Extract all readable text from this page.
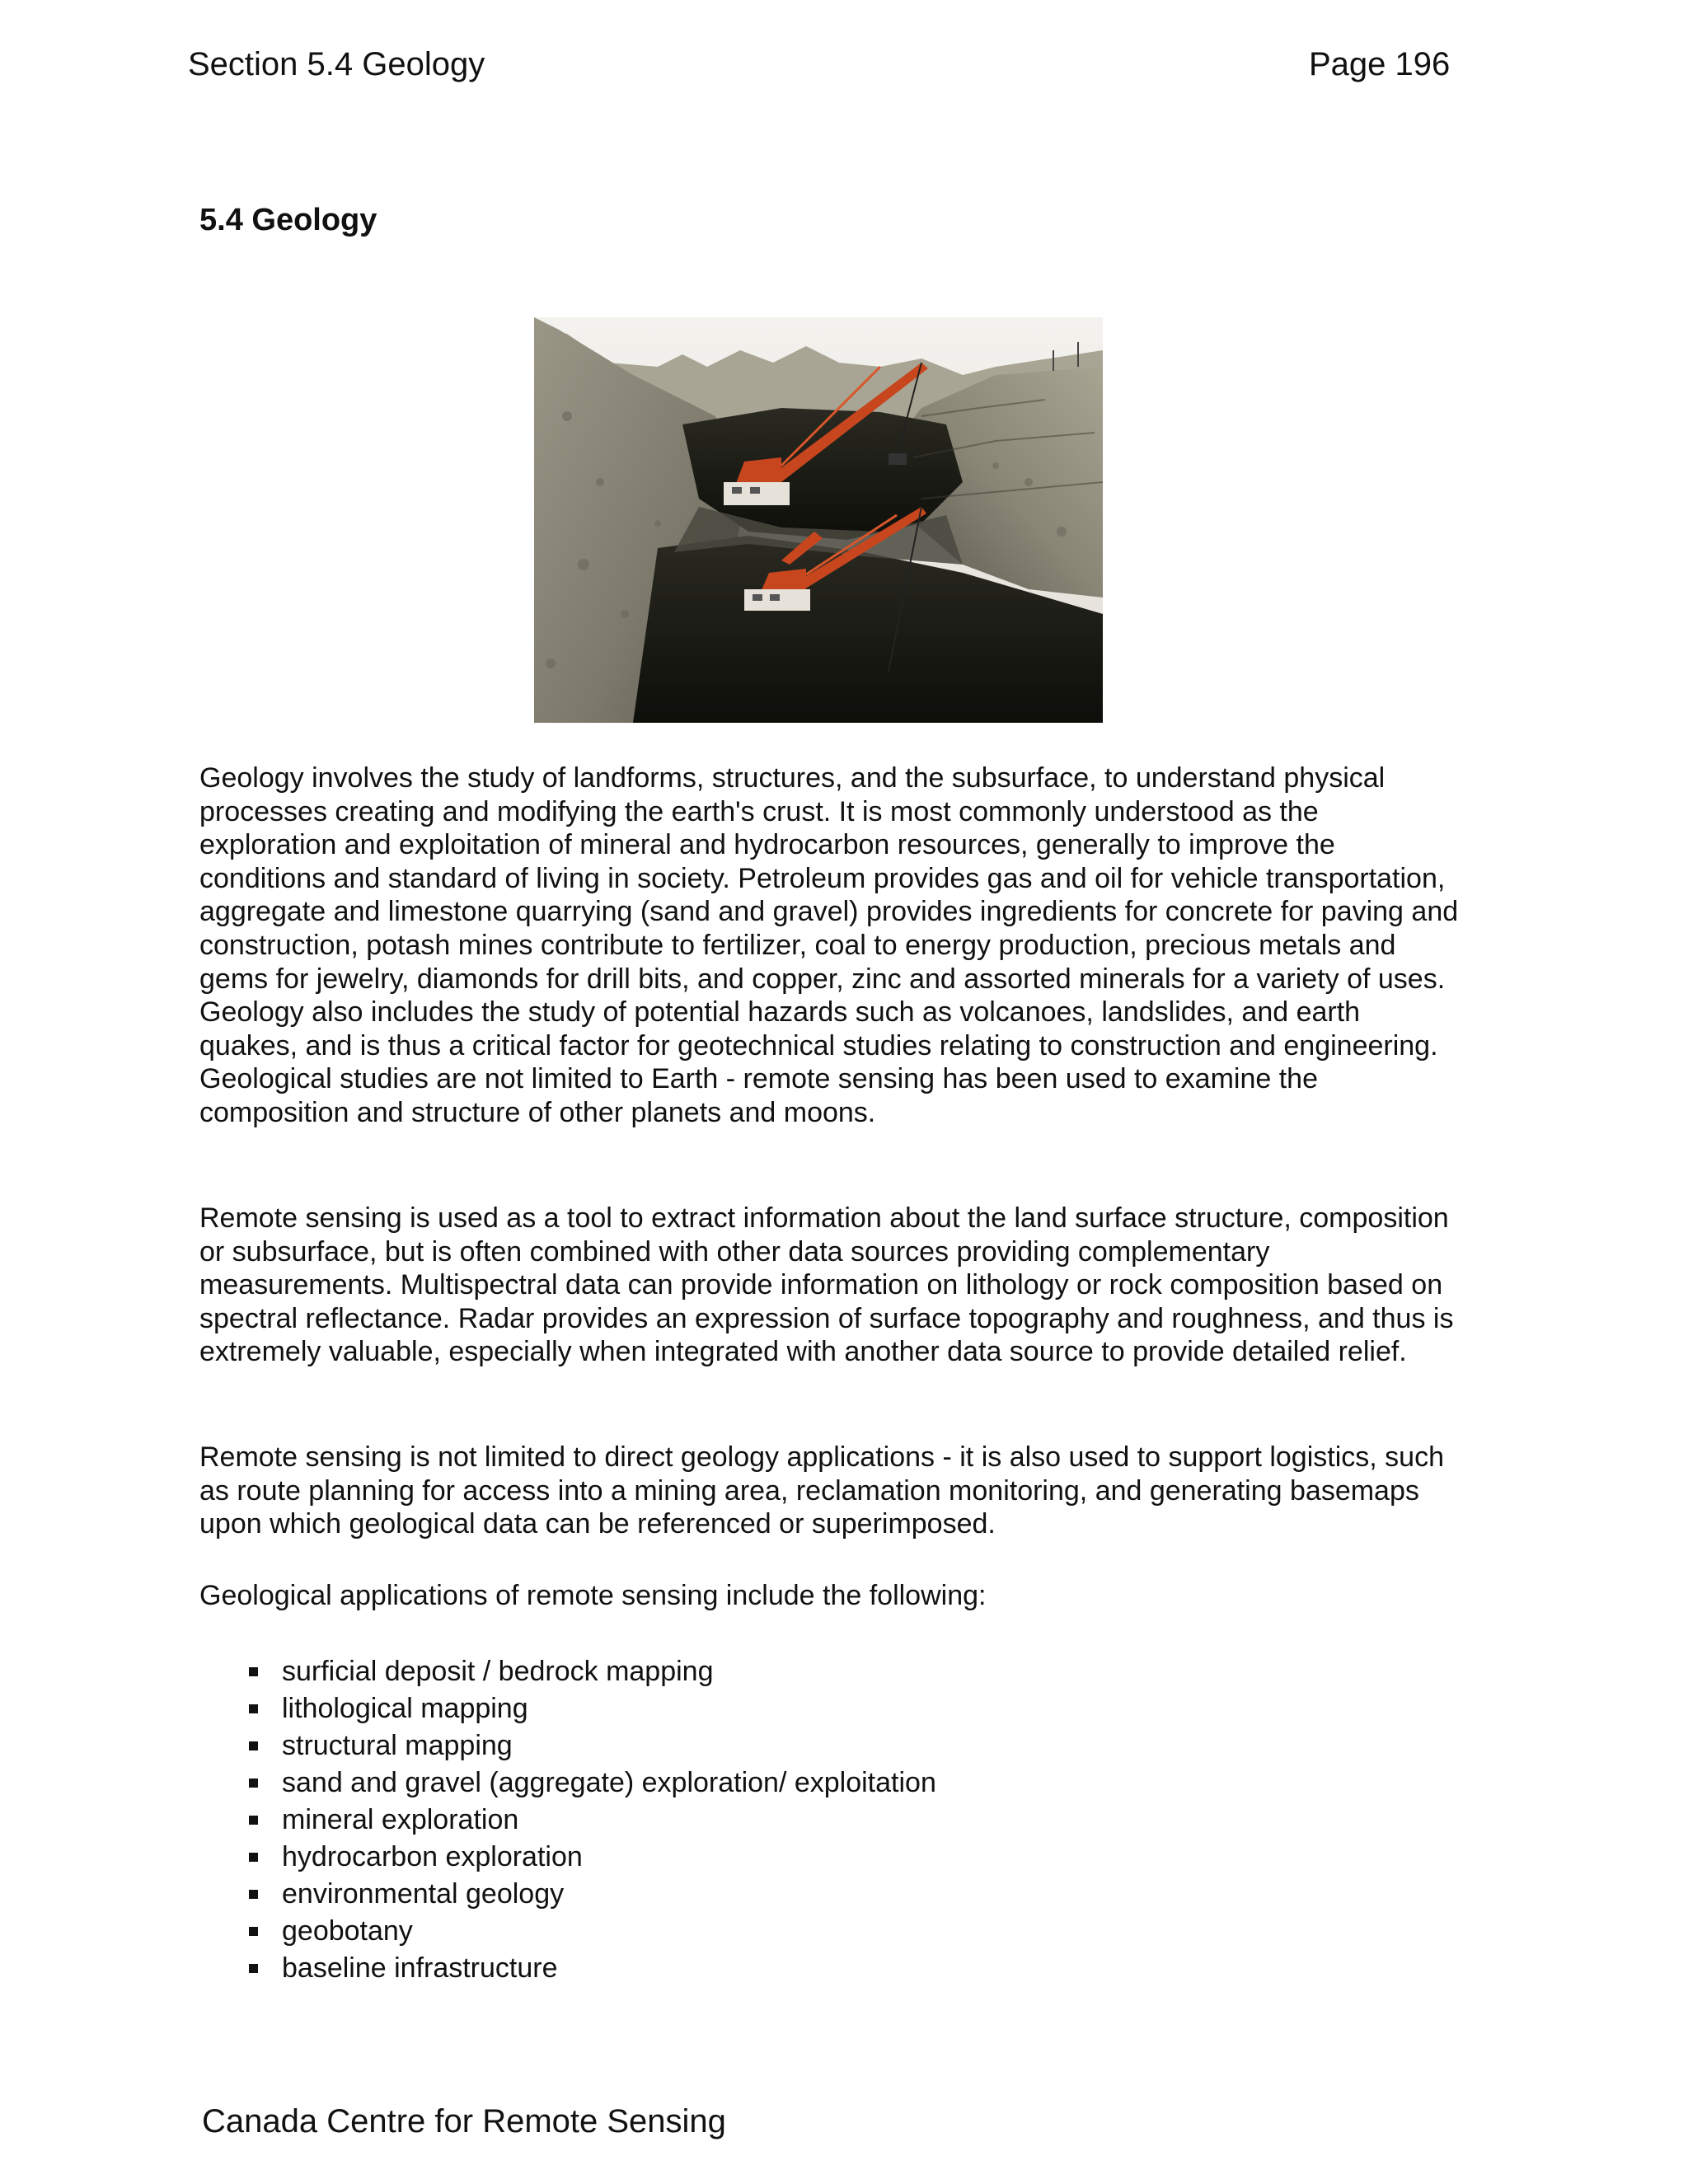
Section 5.4 Geology	Page 196
5.4 Geology

Geology involves the study of landforms, structures, and the subsurface, to understand physical processes creating and modifying the earth's crust. It is most commonly understood as the exploration and exploitation of mineral and hydrocarbon resources, generally to improve the conditions and standard of living in society. Petroleum provides gas and oil for vehicle transportation, aggregate and limestone quarrying (sand and gravel) provides ingredients for concrete for paving and construction, potash mines contribute to fertilizer, coal to energy production, precious metals and gems for jewelry, diamonds for drill bits, and copper, zinc and assorted minerals for a variety of uses. Geology also includes the study of potential hazards such as volcanoes, landslides, and earth quakes, and is thus a critical factor for geotechnical studies relating to construction and engineering. Geological studies are not limited to Earth - remote sensing has been used to examine the composition and structure of other planets and moons.

Remote sensing is used as a tool to extract information about the land surface structure, composition or subsurface, but is often combined with other data sources providing complementary measurements. Multispectral data can provide information on lithology or rock composition based on spectral reflectance. Radar provides an expression of surface topography and roughness, and thus is extremely valuable, especially when integrated with another data source to provide detailed relief.

Remote sensing is not limited to direct geology applications - it is also used to support logistics, such as route planning for access into a mining area, reclamation monitoring, and generating basemaps upon which geological data can be referenced or superimposed.

Geological applications of remote sensing include the following:

surficial deposit / bedrock mapping
lithological mapping
structural mapping
sand and gravel (aggregate) exploration/ exploitation
mineral exploration
hydrocarbon exploration
environmental geology
geobotany
baseline infrastructure
Canada Centre for Remote Sensing
